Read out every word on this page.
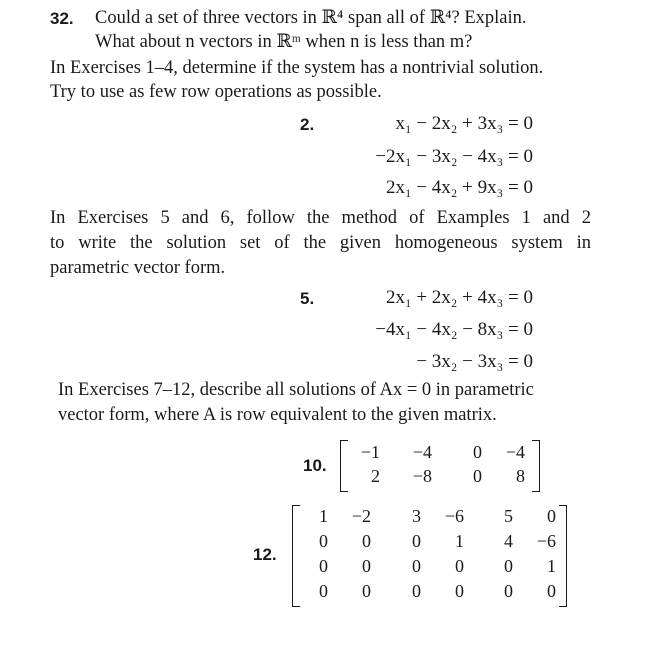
32. Could a set of three vectors in ℝ⁴ span all of ℝ⁴? Explain.
What about n vectors in ℝᵐ when n is less than m?
In Exercises 1–4, determine if the system has a nontrivial solution.
Try to use as few row operations as possible.
2.	x₁ − 2x₂ + 3x₃ = 0
−2x₁ − 3x₂ − 4x₃ = 0
2x₁ − 4x₂ + 9x₃ = 0
In Exercises 5 and 6, follow the method of Examples 1 and 2
to write the solution set of the given homogeneous system in
parametric vector form.
5.	2x₁ + 2x₂ + 4x₃ = 0
−4x₁ − 4x₂ − 8x₃ = 0
− 3x₂ − 3x₃ = 0
In Exercises 7–12, describe all solutions of Ax = 0 in parametric
vector form, where A is row equivalent to the given matrix.
10.
−1	−4	0	−4
2	−8	0	8
12.
1	−2	3	−6	5	0
0	0	0	1	4	−6
0	0	0	0	0	1
0	0	0	0	0	0
